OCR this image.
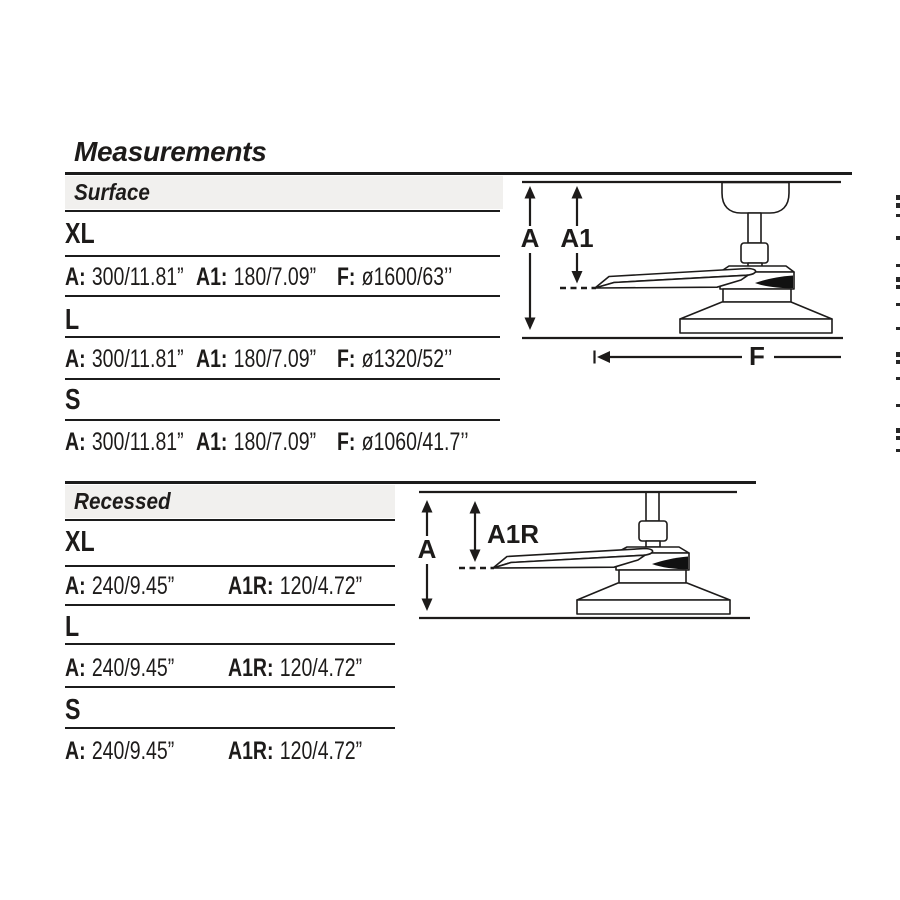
Measurements
Surface
XL
A: 300/11.81” A1: 180/7.09” F: ø1600/63’’
L
A: 300/11.81” A1: 180/7.09” F: ø1320/52’’
S
A: 300/11.81” A1: 180/7.09” F: ø1060/41.7’’
A A1
F
Recessed
XL
A: 240/9.45” A1R: 120/4.72”
L
A: 240/9.45” A1R: 120/4.72”
S
A: 240/9.45” A1R: 120/4.72”
A A1R
